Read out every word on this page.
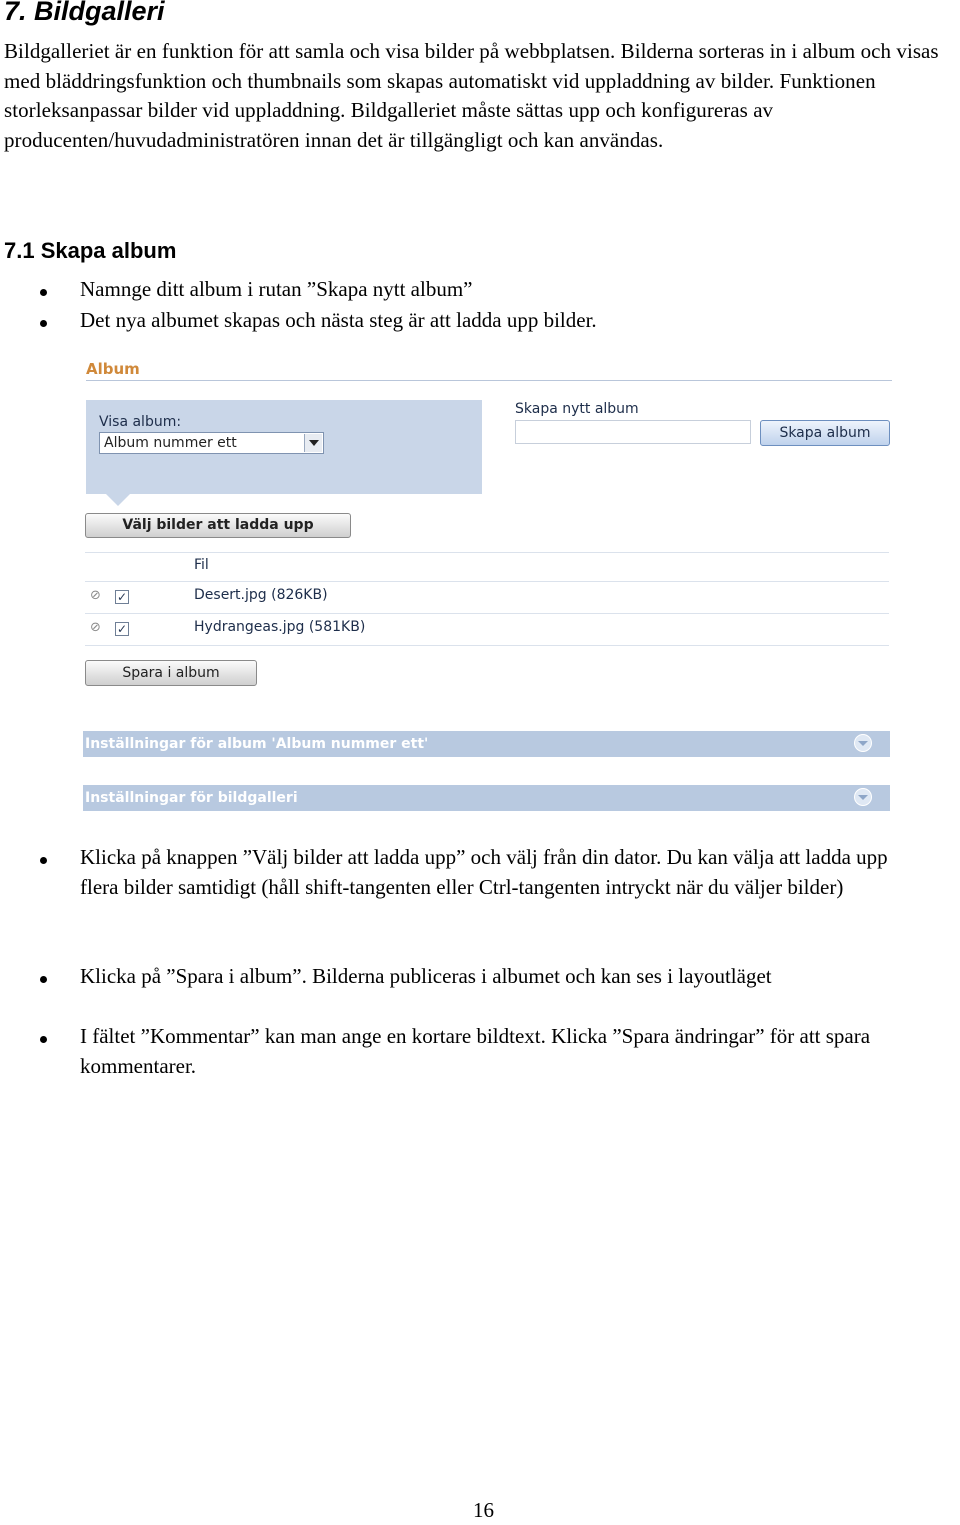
7. Bildgalleri

Bildgalleriet är en funktion för att samla och visa bilder på webbplatsen. Bilderna sorteras in i album och visas med bläddringsfunktion och thumbnails som skapas automatiskt vid uppladdning av bilder. Funktionen storleksanpassar bilder vid uppladdning. Bildgalleriet måste sättas upp och konfigureras av producenten/huvudadministratören innan det är tillgängligt och kan användas.

7.1 Skapa album
Namnge ditt album i rutan ”Skapa nytt album”
Det nya albumet skapas och nästa steg är att ladda upp bilder.
Album
Visa album:
Album nummer ett
Skapa nytt album
Skapa album
Välj bilder att ladda upp
Fil
⊘ ✓	Desert.jpg (826KB)
⊘ ✓	Hydrangeas.jpg (581KB)
Spara i album
Inställningar för album 'Album nummer ett'
Inställningar för bildgalleri
Klicka på knappen ”Välj bilder att ladda upp” och välj från din dator. Du kan välja att ladda upp flera bilder samtidigt (håll shift-tangenten eller Ctrl-tangenten intryckt när du väljer bilder)
Klicka på ”Spara i album”. Bilderna publiceras i albumet och kan ses i layoutläget
I fältet ”Kommentar” kan man ange en kortare bildtext. Klicka ”Spara ändringar” för att spara kommentarer.
16
